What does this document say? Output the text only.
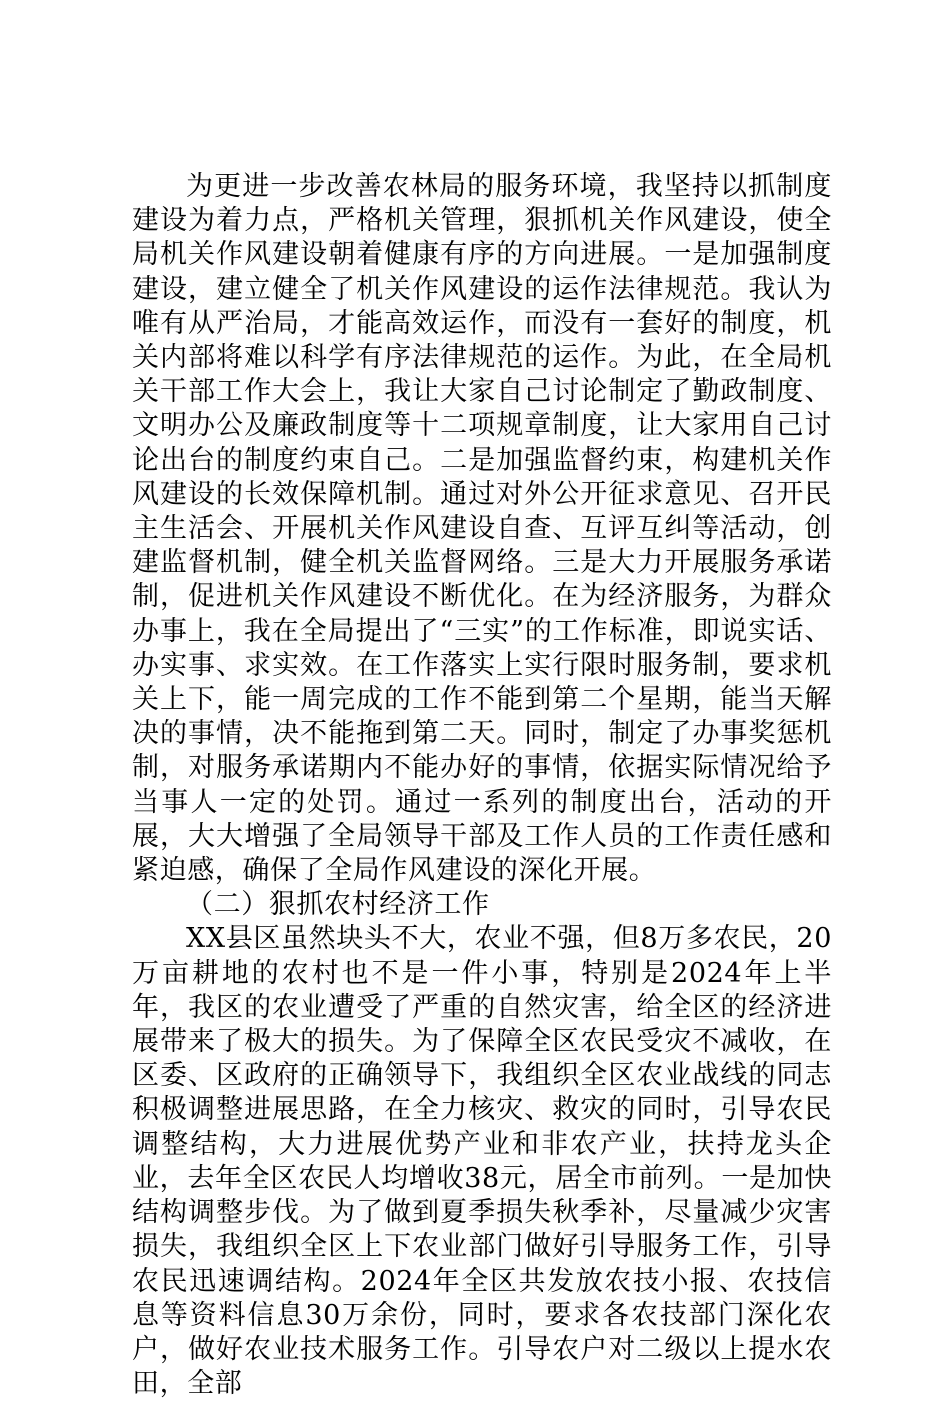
为更进一步改善农林局的服务环境，我坚持以抓制度建设为着力点，严格机关管理，狠抓机关作风建设，使全局机关作风建设朝着健康有序的方向进展。一是加强制度建设，建立健全了机关作风建设的运作法律规范。我认为唯有从严治局，才能高效运作，而没有一套好的制度，机关内部将难以科学有序法律规范的运作。为此，在全局机关干部工作大会上，我让大家自己讨论制定了勤政制度、文明办公及廉政制度等十二项规章制度，让大家用自己讨论出台的制度约束自己。二是加强监督约束，构建机关作风建设的长效保障机制。通过对外公开征求意见、召开民主生活会、开展机关作风建设自查、互评互纠等活动，创建监督机制，健全机关监督网络。三是大力开展服务承诺制，促进机关作风建设不断优化。在为经济服务，为群众办事上，我在全局提出了“三实”的工作标准，即说实话、办实事、求实效。在工作落实上实行限时服务制，要求机关上下，能一周完成的工作不能到第二个星期，能当天解决的事情，决不能拖到第二天。同时，制定了办事奖惩机制，对服务承诺期内不能办好的事情，依据实际情况给予当事人一定的处罚。通过一系列的制度出台，活动的开展，大大增强了全局领导干部及工作人员的工作责任感和紧迫感，确保了全局作风建设的深化开展。

（二）狠抓农村经济工作

XX县区虽然块头不大，农业不强，但8万多农民，20万亩耕地的农村也不是一件小事，特别是2024年上半年，我区的农业遭受了严重的自然灾害，给全区的经济进展带来了极大的损失。为了保障全区农民受灾不减收，在区委、区政府的正确领导下，我组织全区农业战线的同志积极调整进展思路，在全力核灾、救灾的同时，引导农民调整结构，大力进展优势产业和非农产业，扶持龙头企业，去年全区农民人均增收38元，居全市前列。一是加快结构调整步伐。为了做到夏季损失秋季补，尽量减少灾害损失，我组织全区上下农业部门做好引导服务工作，引导农民迅速调结构。2024年全区共发放农技小报、农技信息等资料信息30万余份，同时，要求各农技部门深化农户，做好农业技术服务工作。引导农户对二级以上提水农田，全部
